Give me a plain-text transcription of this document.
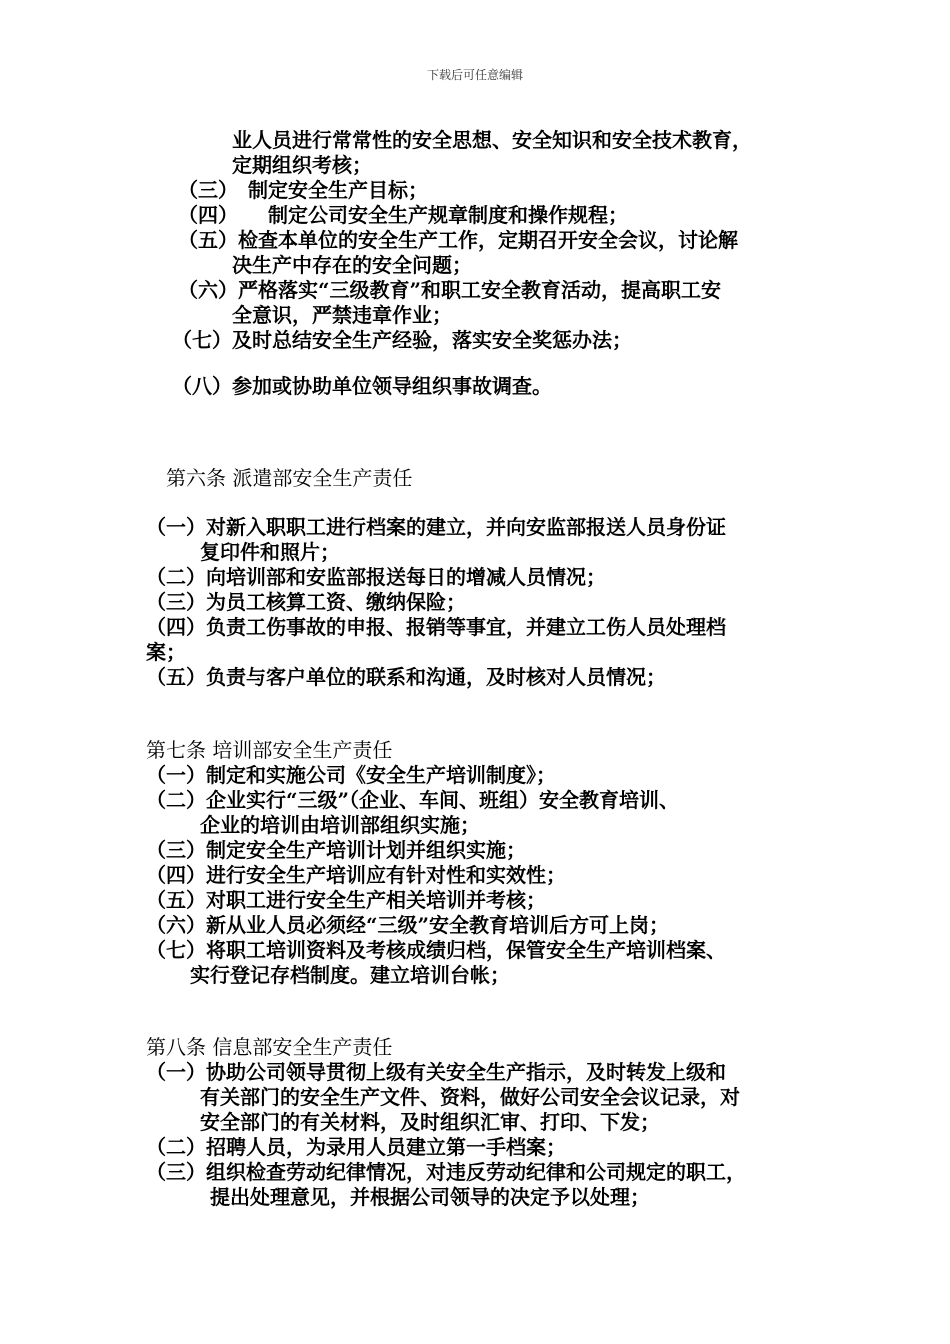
下载后可任意编辑
业人员进行常常性的安全思想、安全知识和安全技术教育，
定期组织考核；
（三）　制定安全生产目标；
（四）　　制定公司安全生产规章制度和操作规程；
（五）检查本单位的安全生产工作，定期召开安全会议，讨论解
决生产中存在的安全问题；
（六）严格落实“三级教育”和职工安全教育活动，提高职工安
全意识，严禁违章作业；
（七）及时总结安全生产经验，落实安全奖惩办法；
（八）参加或协助单位领导组织事故调查。
第六条 派遣部安全生产责任
（一）对新入职职工进行档案的建立，并向安监部报送人员身份证
复印件和照片；
（二）向培训部和安监部报送每日的增减人员情况；
（三）为员工核算工资、缴纳保险；
（四）负责工伤事故的申报、报销等事宜，并建立工伤人员处理档
案；
（五）负责与客户单位的联系和沟通，及时核对人员情况；
第七条 培训部安全生产责任
（一）制定和实施公司《安全生产培训制度》；
（二）企业实行“三级”（企业、车间、班组）安全教育培训、
企业的培训由培训部组织实施；
（三）制定安全生产培训计划并组织实施；
（四）进行安全生产培训应有针对性和实效性；
（五）对职工进行安全生产相关培训并考核；
（六）新从业人员必须经“三级”安全教育培训后方可上岗；
（七）将职工培训资料及考核成绩归档，保管安全生产培训档案、
实行登记存档制度。建立培训台帐；
第八条 信息部安全生产责任
（一）协助公司领导贯彻上级有关安全生产指示，及时转发上级和
有关部门的安全生产文件、资料，做好公司安全会议记录，对
安全部门的有关材料，及时组织汇审、打印、下发；
（二）招聘人员，为录用人员建立第一手档案；
（三）组织检查劳动纪律情况，对违反劳动纪律和公司规定的职工，
提出处理意见，并根据公司领导的决定予以处理；
